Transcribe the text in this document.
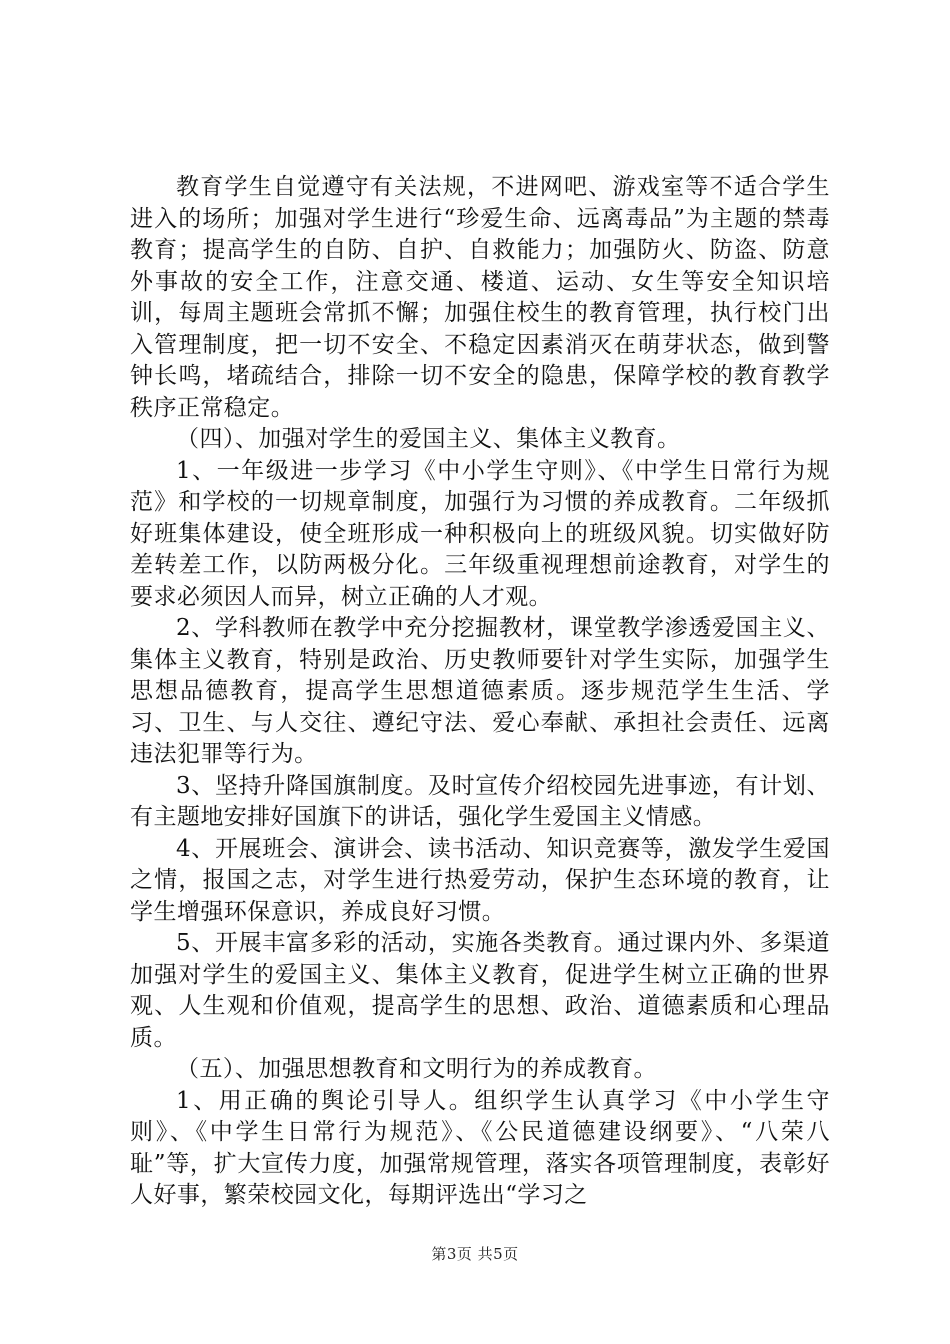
教育学生自觉遵守有关法规，不进网吧、游戏室等不适合学生进入的场所；加强对学生进行“珍爱生命、远离毒品”为主题的禁毒教育；提高学生的自防、自护、自救能力；加强防火、防盗、防意外事故的安全工作，注意交通、楼道、运动、女生等安全知识培训，每周主题班会常抓不懈；加强住校生的教育管理，执行校门出入管理制度，把一切不安全、不稳定因素消灭在萌芽状态，做到警钟长鸣，堵疏结合，排除一切不安全的隐患，保障学校的教育教学秩序正常稳定。

（四）、加强对学生的爱国主义、集体主义教育。

1、一年级进一步学习《中小学生守则》、《中学生日常行为规范》和学校的一切规章制度，加强行为习惯的养成教育。二年级抓好班集体建设，使全班形成一种积极向上的班级风貌。切实做好防差转差工作，以防两极分化。三年级重视理想前途教育，对学生的要求必须因人而异，树立正确的人才观。

2、学科教师在教学中充分挖掘教材，课堂教学渗透爱国主义、集体主义教育，特别是政治、历史教师要针对学生实际，加强学生思想品德教育，提高学生思想道德素质。逐步规范学生生活、学习、卫生、与人交往、遵纪守法、爱心奉献、承担社会责任、远离违法犯罪等行为。

3、坚持升降国旗制度。及时宣传介绍校园先进事迹，有计划、有主题地安排好国旗下的讲话，强化学生爱国主义情感。

4、开展班会、演讲会、读书活动、知识竞赛等，激发学生爱国之情，报国之志，对学生进行热爱劳动，保护生态环境的教育，让学生增强环保意识，养成良好习惯。

5、开展丰富多彩的活动，实施各类教育。通过课内外、多渠道加强对学生的爱国主义、集体主义教育，促进学生树立正确的世界观、人生观和价值观，提高学生的思想、政治、道德素质和心理品质。

（五）、加强思想教育和文明行为的养成教育。

1、用正确的舆论引导人。组织学生认真学习《中小学生守则》、《中学生日常行为规范》、《公民道德建设纲要》、“八荣八耻”等，扩大宣传力度，加强常规管理，落实各项管理制度，表彰好人好事，繁荣校园文化，每期评选出“学习之

第3页 共5页
